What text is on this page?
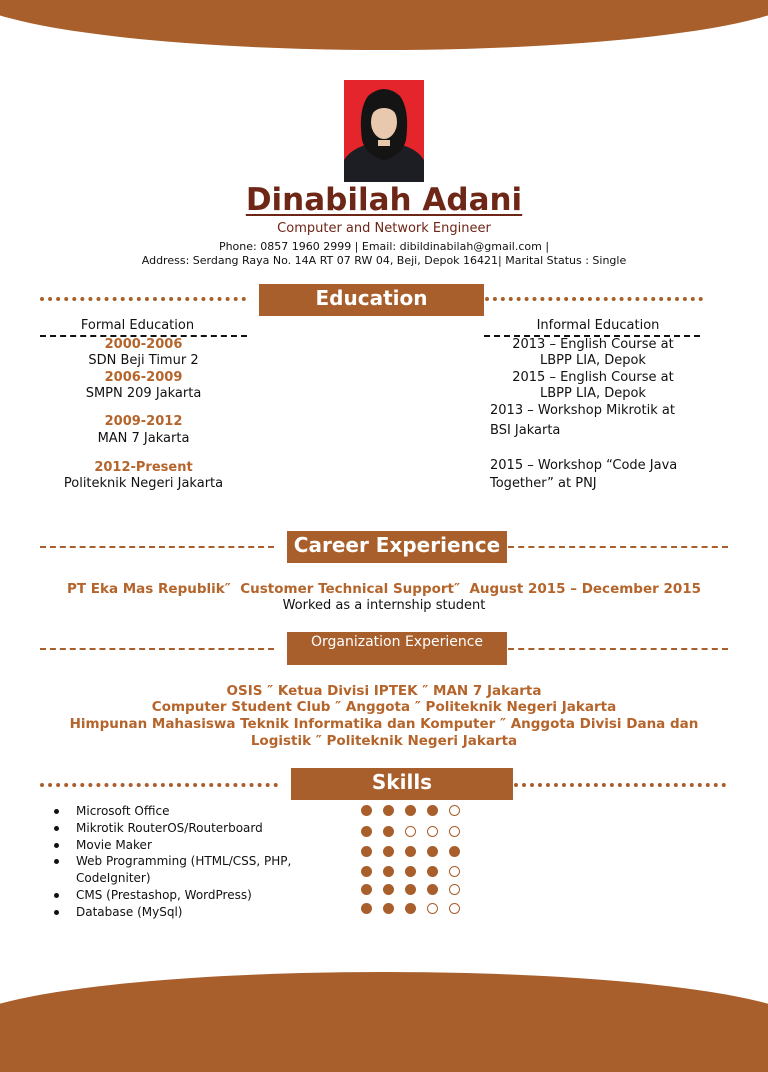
Dinabilah Adani
Computer and Network Engineer
Phone: 0857 1960 2999 | Email: dibildinabilah@gmail.com |
Address: Serdang Raya No. 14A RT 07 RW 04, Beji, Depok 16421| Marital Status : Single
Education
Formal Education	Informal Education
2000-2006
SDN Beji Timur 2
2006-2009
SMPN 209 Jakarta
2009-2012
MAN 7 Jakarta
2012-Present
Politeknik Negeri Jakarta
2013 – English Course at
LBPP LIA, Depok
2015 – English Course at
LBPP LIA, Depok
2013 – Workshop Mikrotik at
BSI Jakarta
2015 – Workshop “Code Java
Together” at PNJ
Career Experience
PT Eka Mas Republik″ Customer Technical Support″ August 2015 – December 2015
Worked as a internship student
Organization Experience
OSIS ″ Ketua Divisi IPTEK ″ MAN 7 Jakarta
Computer Student Club ″ Anggota ″ Politeknik Negeri Jakarta
Himpunan Mahasiswa Teknik Informatika dan Komputer ″ Anggota Divisi Dana dan
Logistik ″ Politeknik Negeri Jakarta
Skills
Microsoft Office
Mikrotik RouterOS/Routerboard
Movie Maker
Web Programming (HTML/CSS, PHP,
CodeIgniter)
CMS (Prestashop, WordPress)
Database (MySql)
